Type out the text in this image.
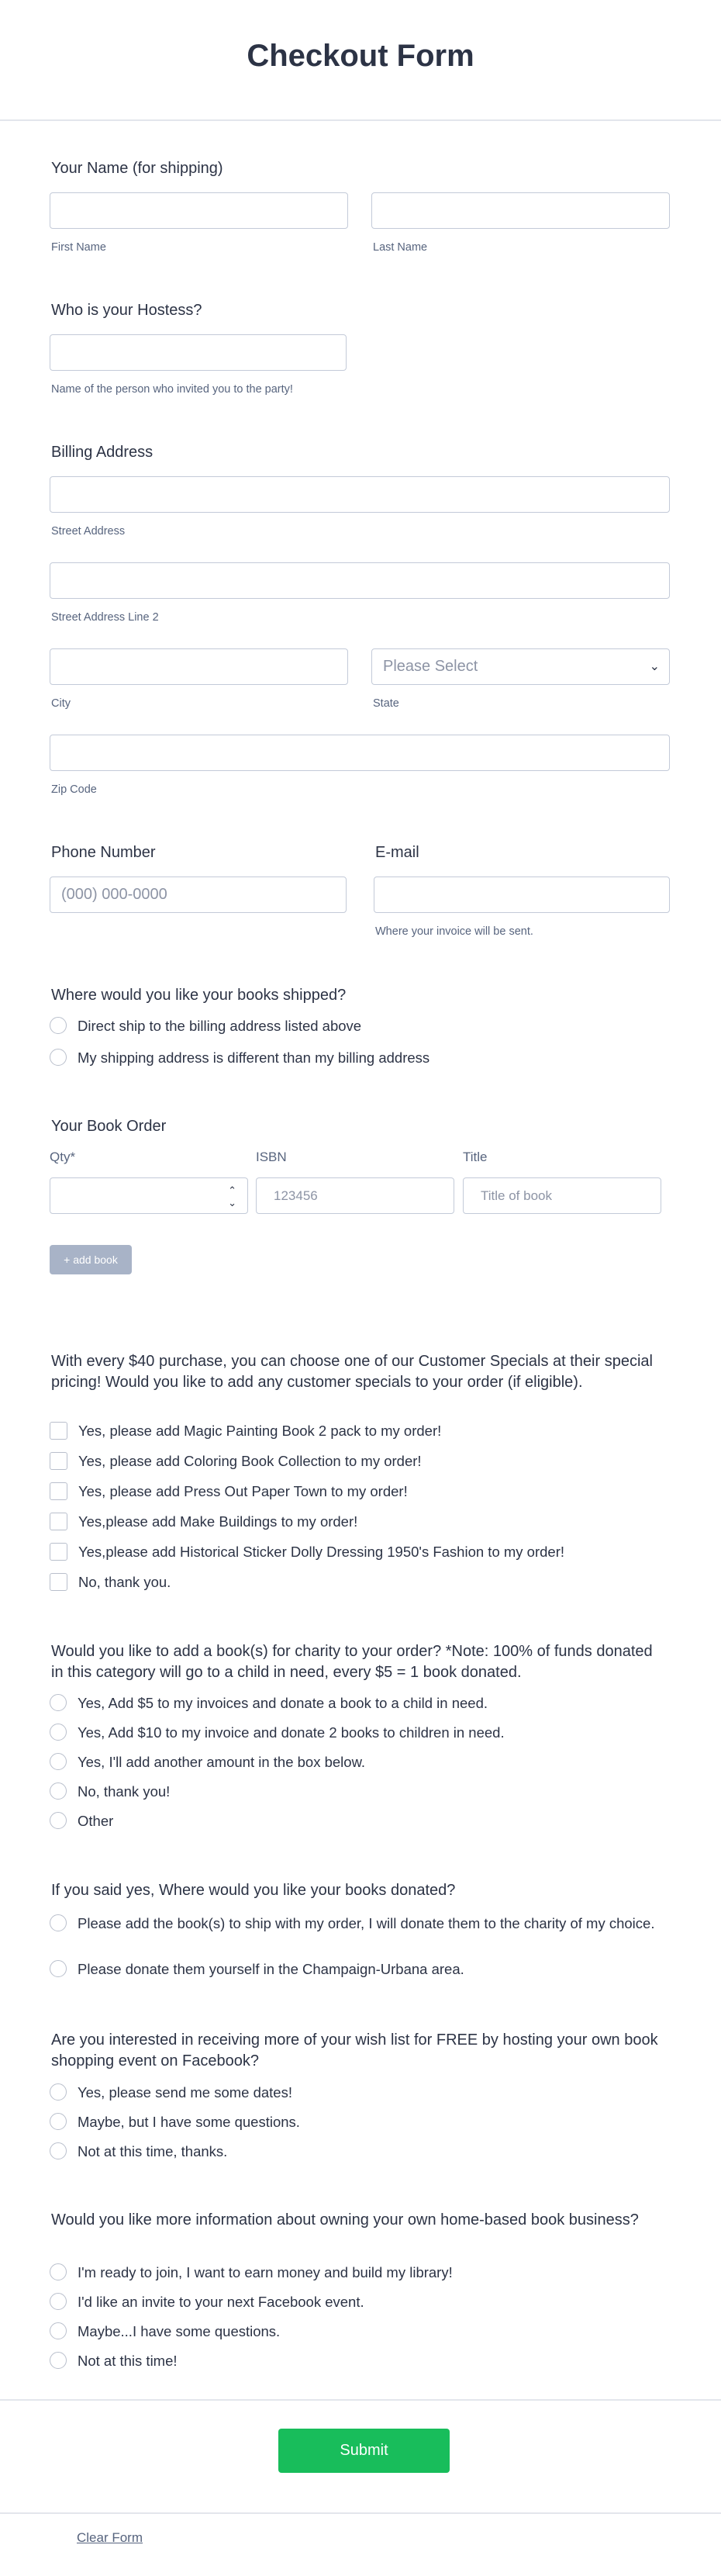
Checkout Form
Your Name (for shipping)
First Name	Last Name
Who is your Hostess?
Name of the person who invited you to the party!
Billing Address
Street Address
Street Address Line 2
Please Select	⌄
City	State
Zip Code
Phone Number	E-mail
(000) 000-0000
Where your invoice will be sent.
Where would you like your books shipped?
Direct ship to the billing address listed above
My shipping address is different than my billing address
Your Book Order
Qty*	ISBN	Title
⌃
⌄	123456	Title of book
+ add book
With every $40 purchase, you can choose one of our Customer Specials at their special pricing! Would you like to add any customer specials to your order (if eligible).
Yes, please add Magic Painting Book 2 pack to my order!
Yes, please add Coloring Book Collection to my order!
Yes, please add Press Out Paper Town to my order!
Yes,please add Make Buildings to my order!
Yes,please add Historical Sticker Dolly Dressing 1950's Fashion to my order!
No, thank you.
Would you like to add a book(s) for charity to your order? *Note: 100% of funds donated in this category will go to a child in need, every $5 = 1 book donated.
Yes, Add $5 to my invoices and donate a book to a child in need.
Yes, Add $10 to my invoice and donate 2 books to children in need.
Yes, I'll add another amount in the box below.
No, thank you!
Other
If you said yes, Where would you like your books donated?
Please add the book(s) to ship with my order, I will donate them to the charity of my choice.
Please donate them yourself in the Champaign-Urbana area.
Are you interested in receiving more of your wish list for FREE by hosting your own book shopping event on Facebook?
Yes, please send me some dates!
Maybe, but I have some questions.
Not at this time, thanks.
Would you like more information about owning your own home-based book business?
I'm ready to join, I want to earn money and build my library!
I'd like an invite to your next Facebook event.
Maybe...I have some questions.
Not at this time!
Submit
Clear Form
